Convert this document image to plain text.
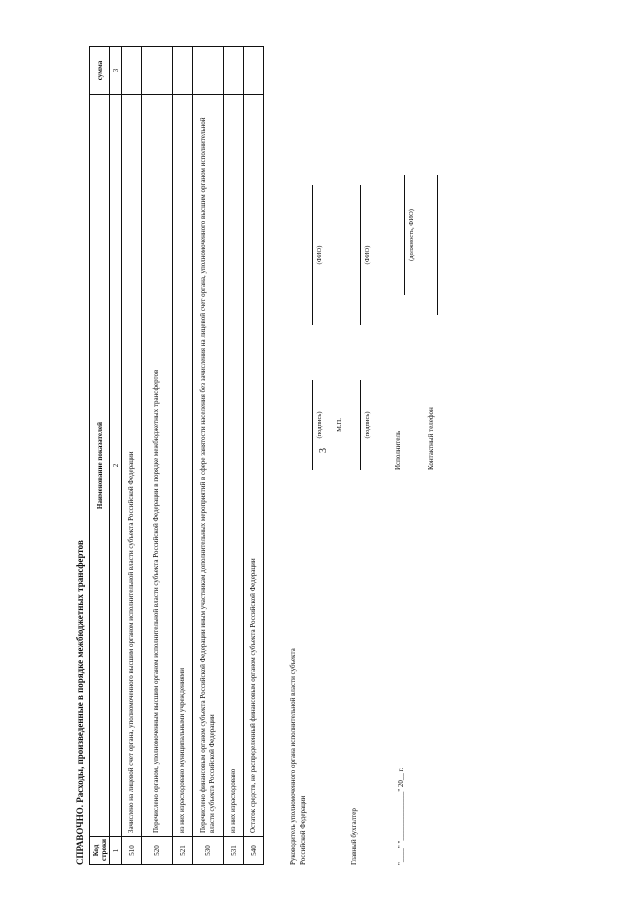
3
СПРАВОЧНО. Расходы, произведенные в порядке межбюджетных трансфертов Код строки	Наименование показателей	сумма
1	2	3
510	Зачислено на лицевой счет органа, уполномоченного высшим органом исполнительной власти субъекта Российской Федерации	
520	Перечислено органом, уполномоченным высшим органом исполнительной власти субъекта Российской Федерации в порядке межбюджетных трансфертов	
521	из них израсходовано муниципальными учреждениями	
530	Перечислено финансовым органом субъекта Российской Федерации иным участникам дополнительных мероприятий в сфере занятости населения без зачисления на лицевой счет органа, уполномоченного высшим органом исполнительной власти субъекта Российской Федерации	
531	из них израсходовано	
540	Остаток средств, не распределенный финансовым органом субъекта Российской Федерации		Руководитель уполномоченного органа исполнительной власти субъекта Российской Федерации
(подпись)
(ФИО)
М.П.
Главный бухгалтер
(подпись)
(ФИО)
Исполнитель
(должность, ФИО)
Контактный телефон
"____" "______________" 20__ г.
